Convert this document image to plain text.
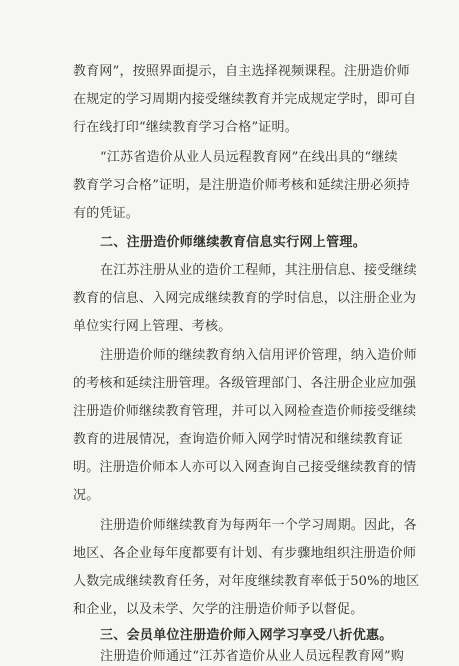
教育网”，按照界面提示，自主选择视频课程。注册造价师
在规定的学习周期内接受继续教育并完成规定学时，即可自
行在线打印“继续教育学习合格”证明。
“江苏省造价从业人员远程教育网”在线出具的“继续
教育学习合格”证明，是注册造价师考核和延续注册必须持
有的凭证。
二、注册造价师继续教育信息实行网上管理。
在江苏注册从业的造价工程师，其注册信息、接受继续
教育的信息、入网完成继续教育的学时信息，以注册企业为
单位实行网上管理、考核。
注册造价师的继续教育纳入信用评价管理，纳入造价师
的考核和延续注册管理。各级管理部门、各注册企业应加强
注册造价师继续教育管理，并可以入网检查造价师接受继续
教育的进展情况，查询造价师入网学时情况和继续教育证
明。注册造价师本人亦可以入网查询自己接受继续教育的情
况。
注册造价师继续教育为每两年一个学习周期。因此，各
地区、各企业每年度都要有计划、有步骤地组织注册造价师
人数完成继续教育任务，对年度继续教育率低于50%的地区
和企业，以及未学、欠学的注册造价师予以督促。
三、会员单位注册造价师入网学习享受八折优惠。
注册造价师通过“江苏省造价从业人员远程教育网”购
